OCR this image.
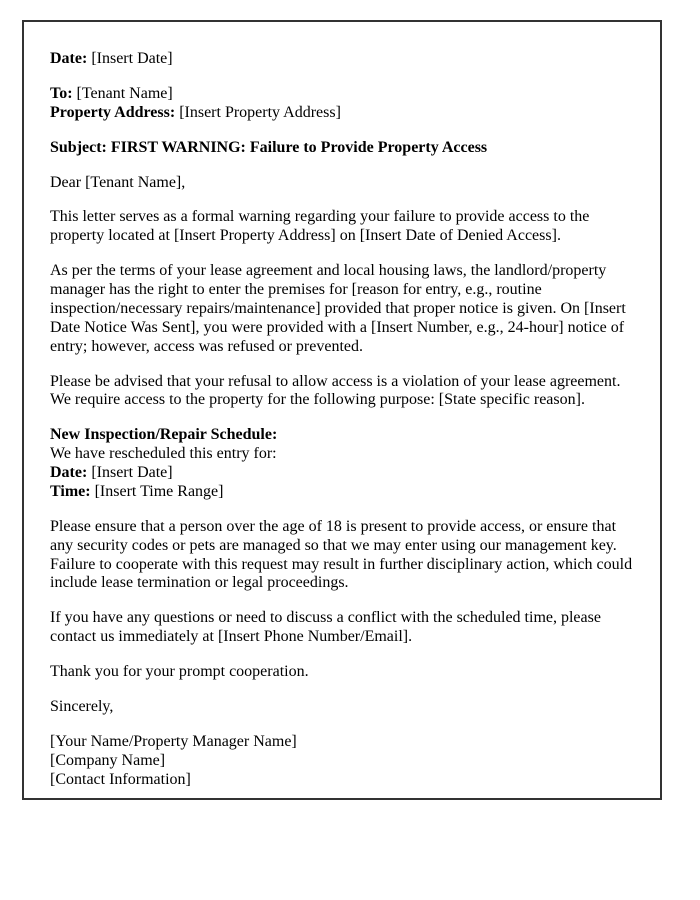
Date: [Insert Date]

To: [Tenant Name]
Property Address: [Insert Property Address]

Subject: FIRST WARNING: Failure to Provide Property Access

Dear [Tenant Name],

This letter serves as a formal warning regarding your failure to provide access to the property located at [Insert Property Address] on [Insert Date of Denied Access].

As per the terms of your lease agreement and local housing laws, the landlord/property manager has the right to enter the premises for [reason for entry, e.g., routine inspection/necessary repairs/maintenance] provided that proper notice is given. On [Insert Date Notice Was Sent], you were provided with a [Insert Number, e.g., 24-hour] notice of entry; however, access was refused or prevented.

Please be advised that your refusal to allow access is a violation of your lease agreement. We require access to the property for the following purpose: [State specific reason].

New Inspection/Repair Schedule:
We have rescheduled this entry for:
Date: [Insert Date]
Time: [Insert Time Range]

Please ensure that a person over the age of 18 is present to provide access, or ensure that any security codes or pets are managed so that we may enter using our management key. Failure to cooperate with this request may result in further disciplinary action, which could include lease termination or legal proceedings.

If you have any questions or need to discuss a conflict with the scheduled time, please contact us immediately at [Insert Phone Number/Email].

Thank you for your prompt cooperation.

Sincerely,

[Your Name/Property Manager Name]
[Company Name]
[Contact Information]
